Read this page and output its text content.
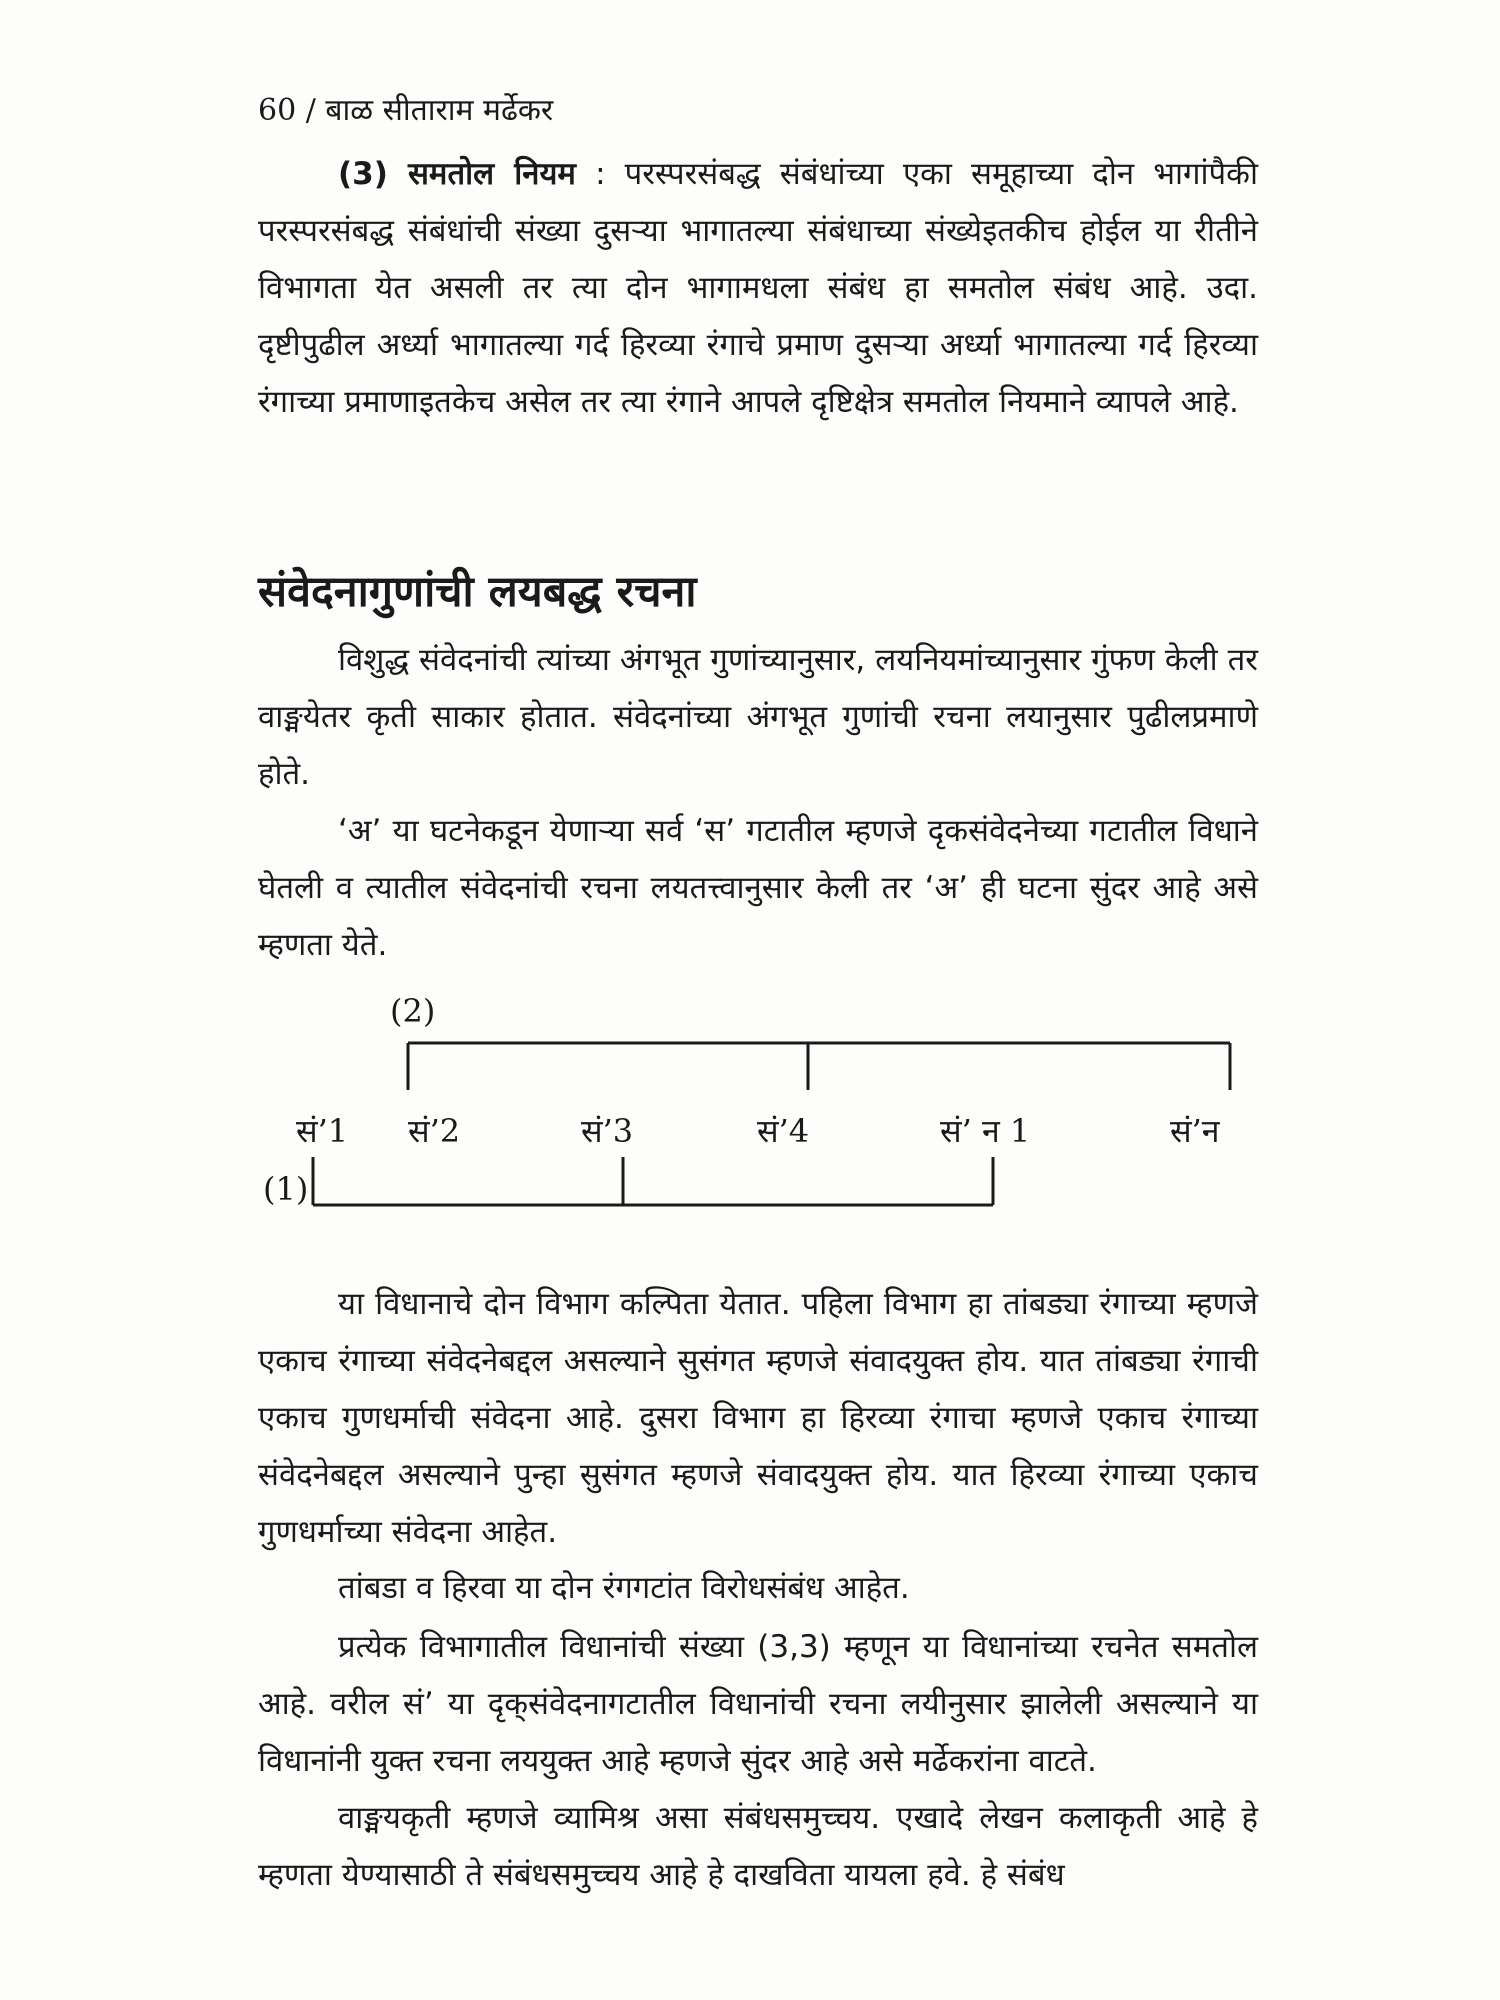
60 / बाळ सीताराम मर्ढेकर

(3) समतोल नियम : परस्परसंबद्ध संबंधांच्या एका समूहाच्या दोन भागांपैकी परस्परसंबद्ध संबंधांची संख्या दुसऱ्या भागातल्या संबंधाच्या संख्येइतकीच होईल या रीतीने विभागता येत असली तर त्या दोन भागामधला संबंध हा समतोल संबंध आहे. उदा. दृष्टीपुढील अर्ध्या भागातल्या गर्द हिरव्या रंगाचे प्रमाण दुसऱ्या अर्ध्या भागातल्या गर्द हिरव्या रंगाच्या प्रमाणाइतकेच असेल तर त्या रंगाने आपले दृष्टिक्षेत्र समतोल नियमाने व्यापले आहे.

संवेदनागुणांची लयबद्ध रचना

विशुद्ध संवेदनांची त्यांच्या अंगभूत गुणांच्यानुसार, लयनियमांच्यानुसार गुंफण केली तर वाङ्मयेतर कृती साकार होतात. संवेदनांच्या अंगभूत गुणांची रचना लयानुसार पुढीलप्रमाणे होते.

‘अ’ या घटनेकडून येणाऱ्या सर्व ‘स’ गटातील म्हणजे दृकसंवेदनेच्या गटातील विधाने घेतली व त्यातील संवेदनांची रचना लयतत्त्वानुसार केली तर ‘अ’ ही घटना सुंदर आहे असे म्हणता येते.

(2)
सं’1 सं’2	सं’3	सं’4	सं’ न 1	सं’न
(1)

या विधानाचे दोन विभाग कल्पिता येतात. पहिला विभाग हा तांबड्या रंगाच्या म्हणजे एकाच रंगाच्या संवेदनेबद्दल असल्याने सुसंगत म्हणजे संवादयुक्त होय. यात तांबड्या रंगाची एकाच गुणधर्माची संवेदना आहे. दुसरा विभाग हा हिरव्या रंगाचा म्हणजे एकाच रंगाच्या संवेदनेबद्दल असल्याने पुन्हा सुसंगत म्हणजे संवादयुक्त होय. यात हिरव्या रंगाच्या एकाच गुणधर्माच्या संवेदना आहेत.

तांबडा व हिरवा या दोन रंगगटांत विरोधसंबंध आहेत.

प्रत्येक विभागातील विधानांची संख्या (3,3) म्हणून या विधानांच्या रचनेत समतोल आहे. वरील सं’ या दृक्‌संवेदनागटातील विधानांची रचना लयीनुसार झालेली असल्याने या विधानांनी युक्त रचना लययुक्त आहे म्हणजे सुंदर आहे असे मर्ढेकरांना वाटते.

वाङ्मयकृती म्हणजे व्यामिश्र असा संबंधसमुच्चय. एखादे लेखन कलाकृती आहे हे म्हणता येण्यासाठी ते संबंधसमुच्चय आहे हे दाखविता यायला हवे. हे संबंध
